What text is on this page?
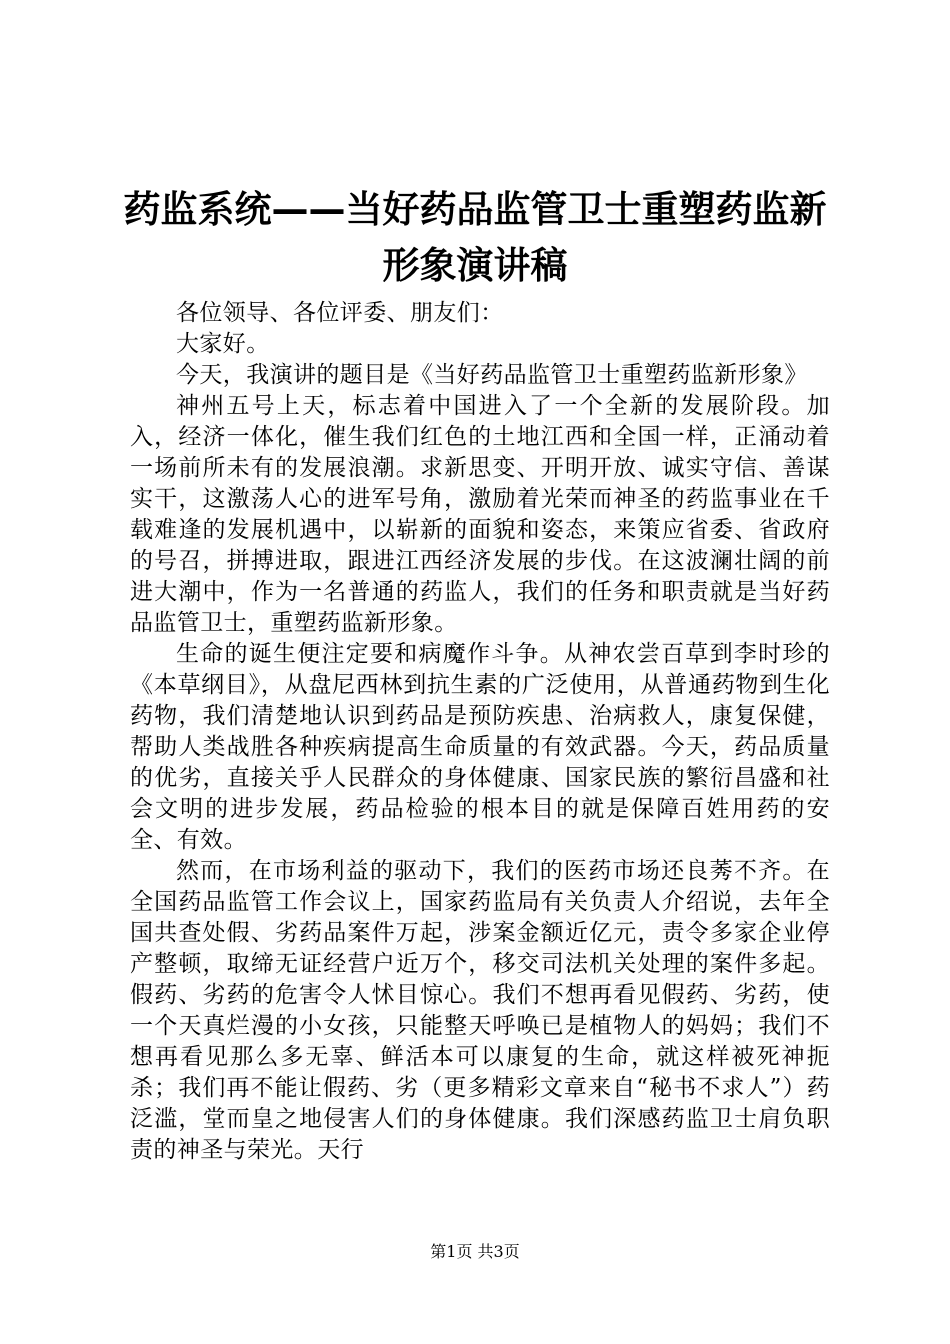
药监系统——当好药品监管卫士重塑药监新形象演讲稿

各位领导、各位评委、朋友们：

大家好。

今天，我演讲的题目是《当好药品监管卫士重塑药监新形象》

神州五号上天，标志着中国进入了一个全新的发展阶段。加入，经济一体化，催生我们红色的土地江西和全国一样，正涌动着一场前所未有的发展浪潮。求新思变、开明开放、诚实守信、善谋实干，这激荡人心的进军号角，激励着光荣而神圣的药监事业在千载难逢的发展机遇中，以崭新的面貌和姿态，来策应省委、省政府的号召，拼搏进取，跟进江西经济发展的步伐。在这波澜壮阔的前进大潮中，作为一名普通的药监人，我们的任务和职责就是当好药品监管卫士，重塑药监新形象。

生命的诞生便注定要和病魔作斗争。从神农尝百草到李时珍的《本草纲目》，从盘尼西林到抗生素的广泛使用，从普通药物到生化药物，我们清楚地认识到药品是预防疾患、治病救人，康复保健，帮助人类战胜各种疾病提高生命质量的有效武器。今天，药品质量的优劣，直接关乎人民群众的身体健康、国家民族的繁衍昌盛和社会文明的进步发展，药品检验的根本目的就是保障百姓用药的安全、有效。

然而，在市场利益的驱动下，我们的医药市场还良莠不齐。在全国药品监管工作会议上，国家药监局有关负责人介绍说，去年全国共查处假、劣药品案件万起，涉案金额近亿元，责令多家企业停产整顿，取缔无证经营户近万个，移交司法机关处理的案件多起。假药、劣药的危害令人怵目惊心。我们不想再看见假药、劣药，使一个天真烂漫的小女孩，只能整天呼唤已是植物人的妈妈；我们不想再看见那么多无辜、鲜活本可以康复的生命，就这样被死神扼杀；我们再不能让假药、劣（更多精彩文章来自“秘书不求人”）药泛滥，堂而皇之地侵害人们的身体健康。我们深感药监卫士肩负职责的神圣与荣光。天行

第1页 共3页
